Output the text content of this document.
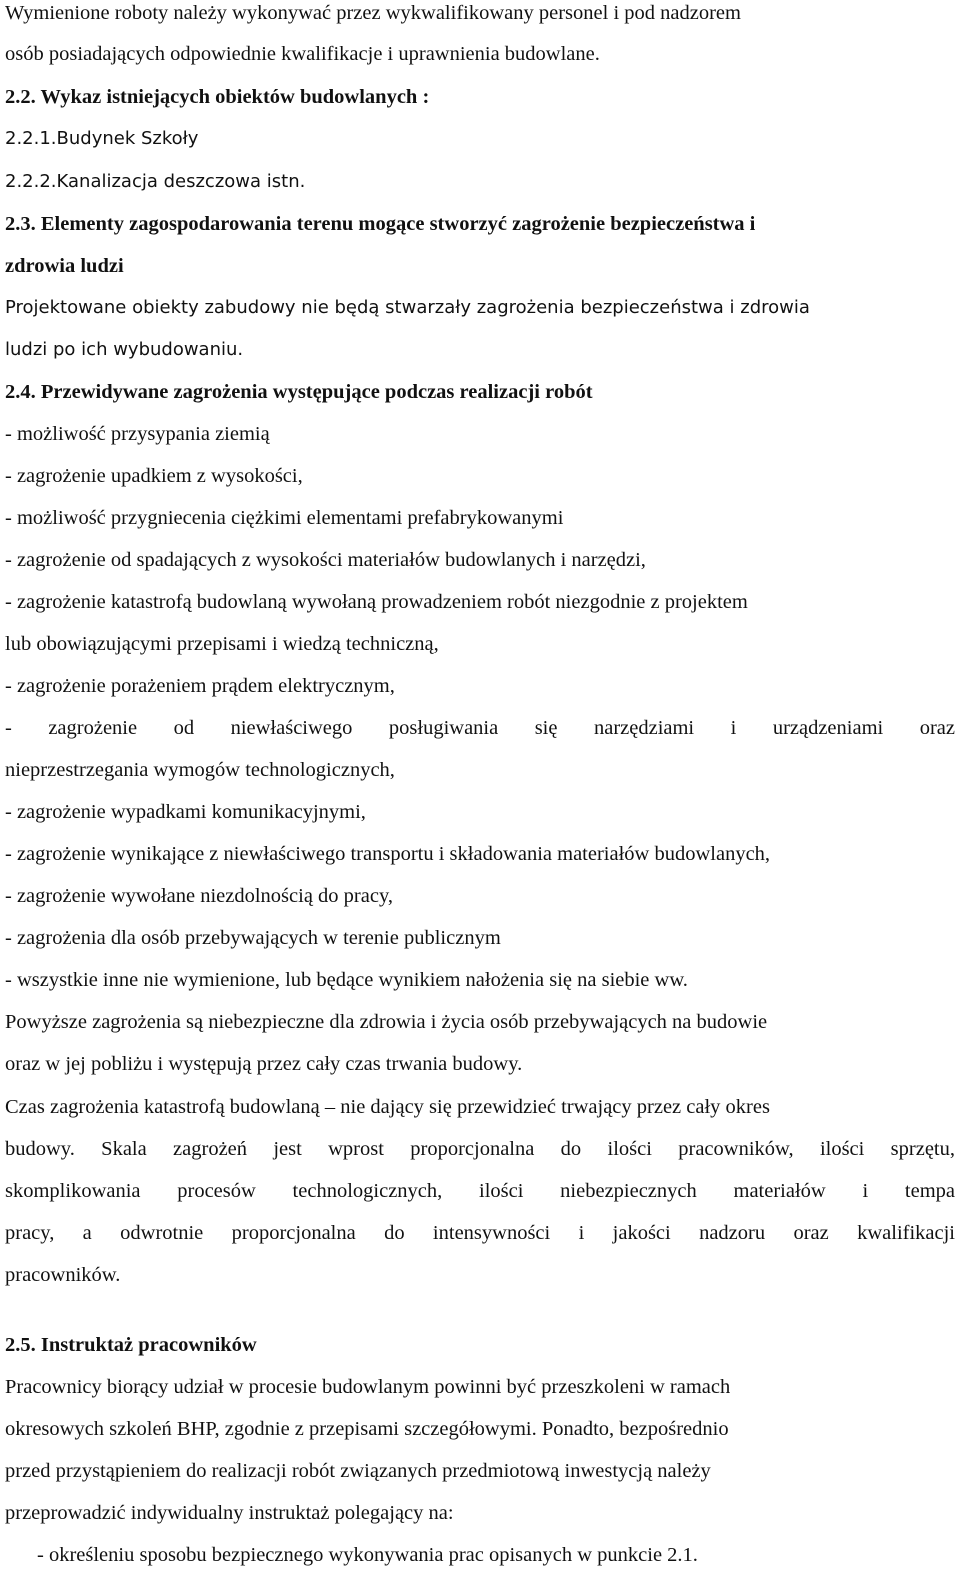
Wymienione roboty należy wykonywać przez wykwalifikowany personel i pod nadzorem
osób posiadających odpowiednie kwalifikacje i uprawnienia budowlane.
2.2. Wykaz istniejących obiektów budowlanych :
2.2.1.Budynek Szkoły
2.2.2.Kanalizacja deszczowa istn.
2.3. Elementy zagospodarowania terenu mogące stworzyć zagrożenie bezpieczeństwa i
zdrowia ludzi
Projektowane obiekty zabudowy nie będą stwarzały zagrożenia bezpieczeństwa i zdrowia
ludzi po ich wybudowaniu.
2.4. Przewidywane zagrożenia występujące podczas realizacji robót
- możliwość przysypania ziemią
- zagrożenie upadkiem z wysokości,
- możliwość przygniecenia ciężkimi elementami prefabrykowanymi
- zagrożenie od spadających z wysokości materiałów budowlanych i narzędzi,
- zagrożenie katastrofą budowlaną wywołaną prowadzeniem robót niezgodnie z projektem
lub obowiązującymi przepisami i wiedzą techniczną,
- zagrożenie porażeniem prądem elektrycznym,
- zagrożenie od niewłaściwego posługiwania się narzędziami i urządzeniami oraz
nieprzestrzegania wymogów technologicznych,
- zagrożenie wypadkami komunikacyjnymi,
- zagrożenie wynikające z niewłaściwego transportu i składowania materiałów budowlanych,
- zagrożenie wywołane niezdolnością do pracy,
- zagrożenia dla osób przebywających w terenie publicznym
- wszystkie inne nie wymienione, lub będące wynikiem nałożenia się na siebie ww.
Powyższe zagrożenia są niebezpieczne dla zdrowia i życia osób przebywających na budowie
oraz w jej pobliżu i występują przez cały czas trwania budowy.
Czas zagrożenia katastrofą budowlaną – nie dający się przewidzieć trwający przez cały okres
budowy. Skala zagrożeń jest wprost proporcjonalna do ilości pracowników, ilości sprzętu,
skomplikowania procesów technologicznych, ilości niebezpiecznych materiałów i tempa
pracy, a odwrotnie proporcjonalna do intensywności i jakości nadzoru oraz kwalifikacji
pracowników.
2.5. Instruktaż pracowników
Pracownicy biorący udział w procesie budowlanym powinni być przeszkoleni w ramach
okresowych szkoleń BHP, zgodnie z przepisami szczegółowymi. Ponadto, bezpośrednio
przed przystąpieniem do realizacji robót związanych przedmiotową inwestycją należy
przeprowadzić indywidualny instruktaż polegający na:
- określeniu sposobu bezpiecznego wykonywania prac opisanych w punkcie 2.1.
